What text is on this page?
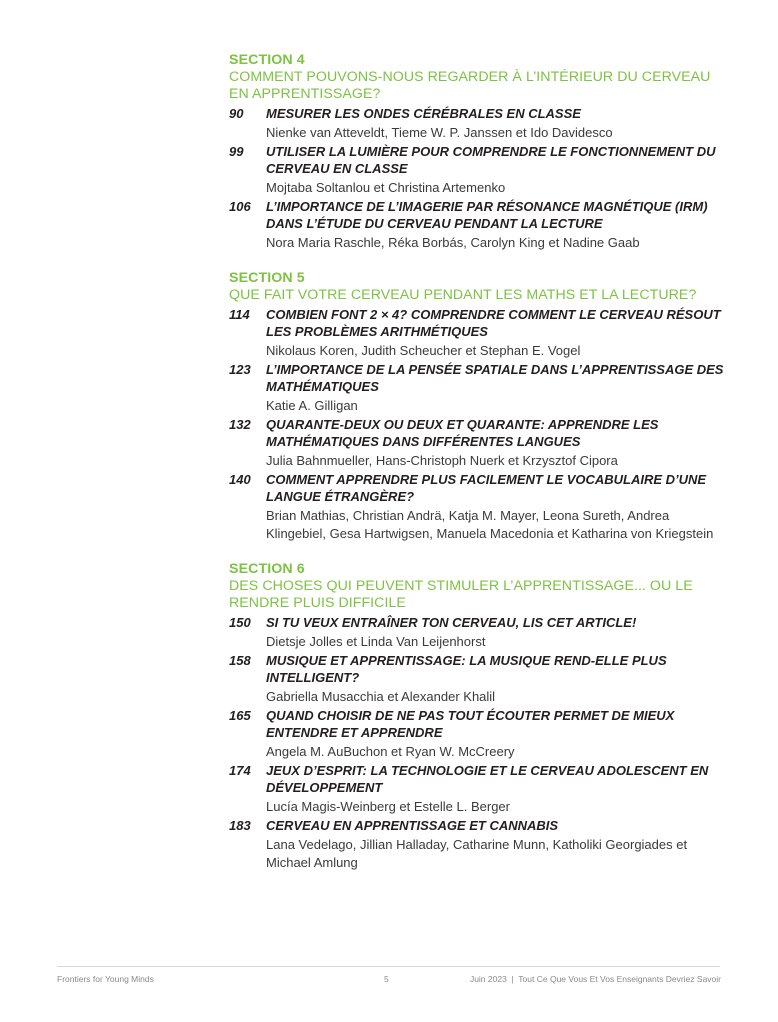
SECTION 4
COMMENT POUVONS-NOUS REGARDER À L’INTÉRIEUR DU CERVEAU EN APPRENTISSAGE?
90 MESURER LES ONDES CÉRÉBRALES EN CLASSE
Nienke van Atteveldt, Tieme W. P. Janssen et Ido Davidesco
99 UTILISER LA LUMIÈRE POUR COMPRENDRE LE FONCTIONNEMENT DU CERVEAU EN CLASSE
Mojtaba Soltanlou et Christina Artemenko
106 L’IMPORTANCE DE L’IMAGERIE PAR RÉSONANCE MAGNÉTIQUE (IRM) DANS L’ÉTUDE DU CERVEAU PENDANT LA LECTURE
Nora Maria Raschle, Réka Borbás, Carolyn King et Nadine Gaab
SECTION 5
QUE FAIT VOTRE CERVEAU PENDANT LES MATHS ET LA LECTURE?
114 COMBIEN FONT 2 × 4? COMPRENDRE COMMENT LE CERVEAU RÉSOUT LES PROBLÈMES ARITHMÉTIQUES
Nikolaus Koren, Judith Scheucher et Stephan E. Vogel
123 L’IMPORTANCE DE LA PENSÉE SPATIALE DANS L’APPRENTISSAGE DES MATHÉMATIQUES
Katie A. Gilligan
132 QUARANTE-DEUX OU DEUX ET QUARANTE: APPRENDRE LES MATHÉMATIQUES DANS DIFFÉRENTES LANGUES
Julia Bahnmueller, Hans-Christoph Nuerk et Krzysztof Cipora
140 COMMENT APPRENDRE PLUS FACILEMENT LE VOCABULAIRE D’UNE LANGUE ÉTRANGÈRE?
Brian Mathias, Christian Andrä, Katja M. Mayer, Leona Sureth, Andrea Klingebiel, Gesa Hartwigsen, Manuela Macedonia et Katharina von Kriegstein
SECTION 6
DES CHOSES QUI PEUVENT STIMULER L’APPRENTISSAGE... OU LE RENDRE PLUIS DIFFICILE
150 SI TU VEUX ENTRAÎNER TON CERVEAU, LIS CET ARTICLE!
Dietsje Jolles et Linda Van Leijenhorst
158 MUSIQUE ET APPRENTISSAGE: LA MUSIQUE REND-ELLE PLUS INTELLIGENT?
Gabriella Musacchia et Alexander Khalil
165 QUAND CHOISIR DE NE PAS TOUT ÉCOUTER PERMET DE MIEUX ENTENDRE ET APPRENDRE
Angela M. AuBuchon et Ryan W. McCreery
174 JEUX D’ESPRIT: LA TECHNOLOGIE ET LE CERVEAU ADOLESCENT EN DÉVELOPPEMENT
Lucía Magis-Weinberg et Estelle L. Berger
183 CERVEAU EN APPRENTISSAGE ET CANNABIS
Lana Vedelago, Jillian Halladay, Catharine Munn, Katholiki Georgiades et Michael Amlung
Frontiers for Young Minds	5	Juin 2023  |  Tout Ce Que Vous Et Vos Enseignants Devriez Savoir
